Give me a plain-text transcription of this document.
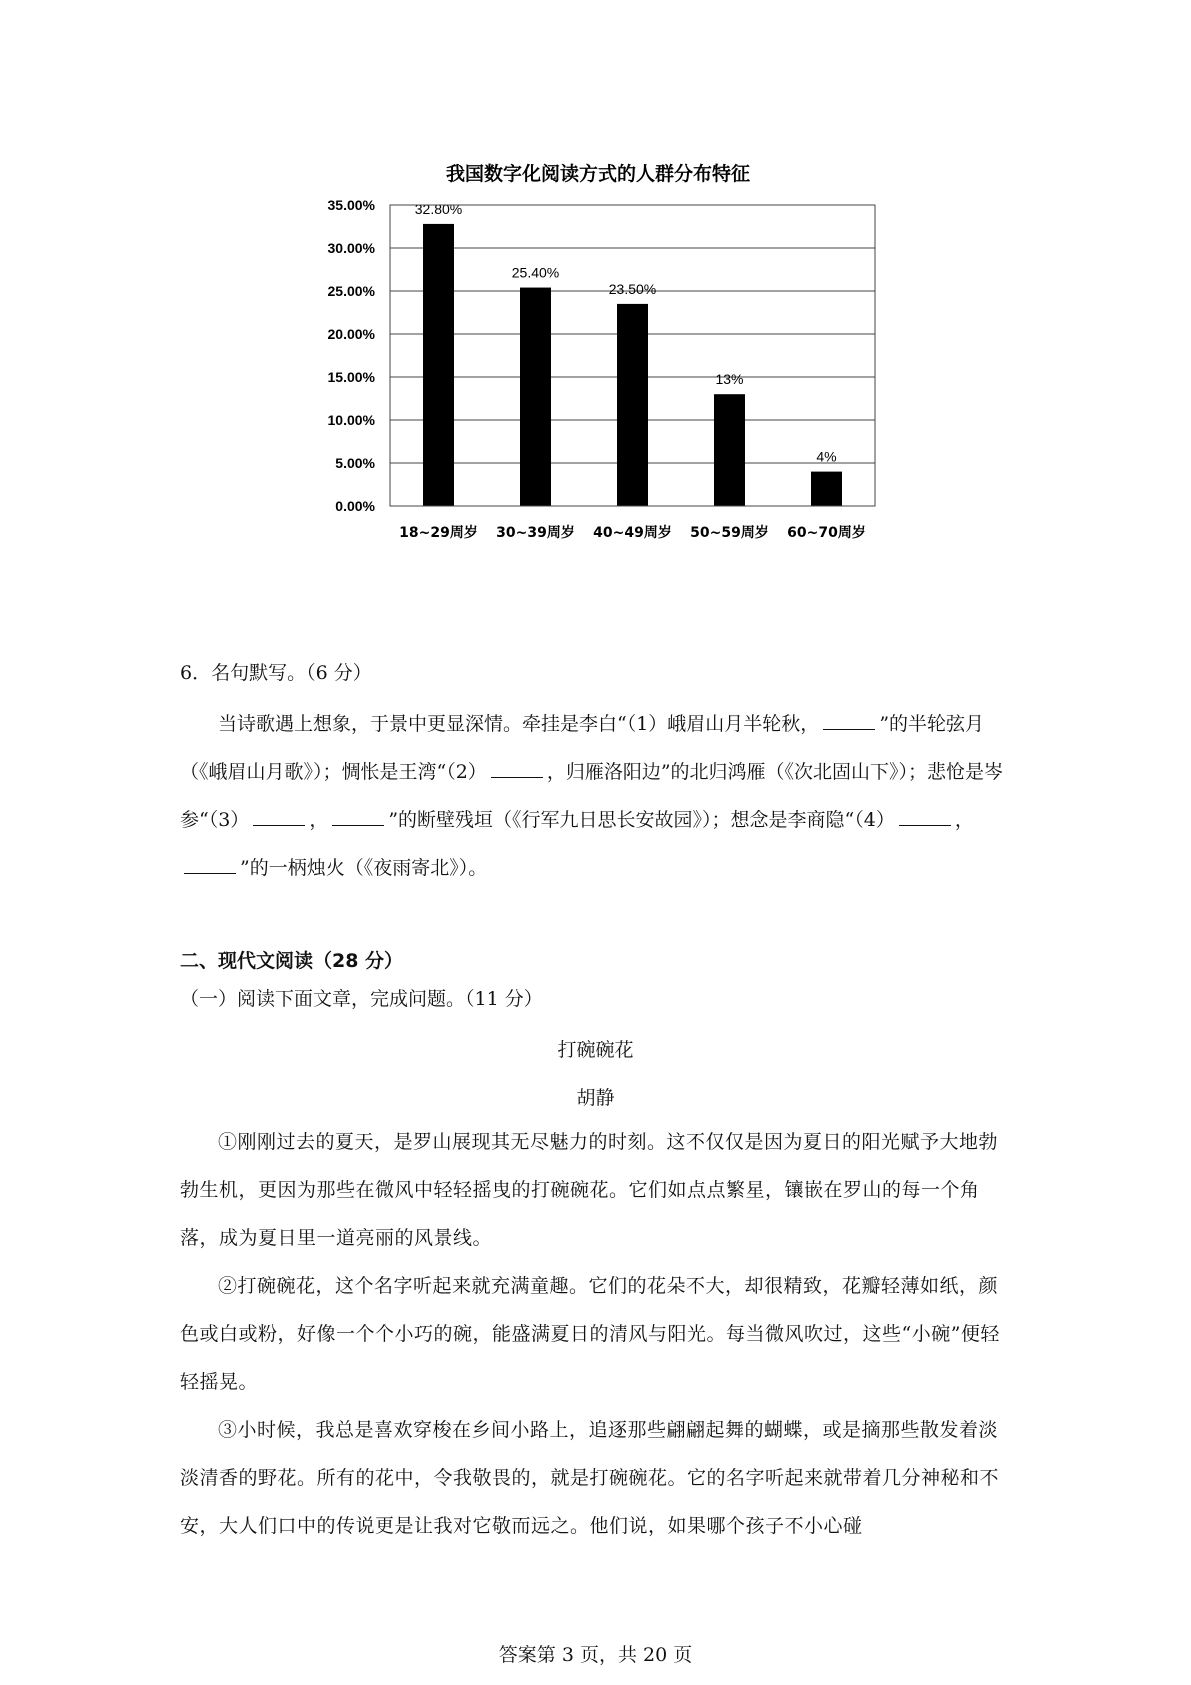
我国数字化阅读方式的人群分布特征
0.00%
5.00%
10.00%
15.00%
20.00%
25.00%
30.00%
35.00%	32.80%
25.40%
23.50%
13%
4%
18~29周岁 30~39周岁 40~49周岁 50~59周岁 60~70周岁

6．名句默写。（6 分）

当诗歌遇上想象，于景中更显深情。牵挂是李白“（1）峨眉山月半轮秋，	”的半轮弦月（《峨眉山月歌》）；惆怅是王湾“（2）	，归雁洛阳边”的北归鸿雁（《次北固山下》）；悲怆是岑参“（3）	，	”的断壁残垣（《行军九日思长安故园》）；想念是李商隐“（4）	，”的一柄烛火（《夜雨寄北》）。

二、现代文阅读（28 分）

（一）阅读下面文章，完成问题。（11 分）

打碗碗花

胡静

①刚刚过去的夏天，是罗山展现其无尽魅力的时刻。这不仅仅是因为夏日的阳光赋予大地勃勃生机，更因为那些在微风中轻轻摇曳的打碗碗花。它们如点点繁星，镶嵌在罗山的每一个角落，成为夏日里一道亮丽的风景线。

②打碗碗花，这个名字听起来就充满童趣。它们的花朵不大，却很精致，花瓣轻薄如纸，颜色或白或粉，好像一个个小巧的碗，能盛满夏日的清风与阳光。每当微风吹过，这些“小碗”便轻轻摇晃。

③小时候，我总是喜欢穿梭在乡间小路上，追逐那些翩翩起舞的蝴蝶，或是摘那些散发着淡淡清香的野花。所有的花中，令我敬畏的，就是打碗碗花。它的名字听起来就带着几分神秘和不安，大人们口中的传说更是让我对它敬而远之。他们说，如果哪个孩子不小心碰

答案第 3 页，共 20 页
